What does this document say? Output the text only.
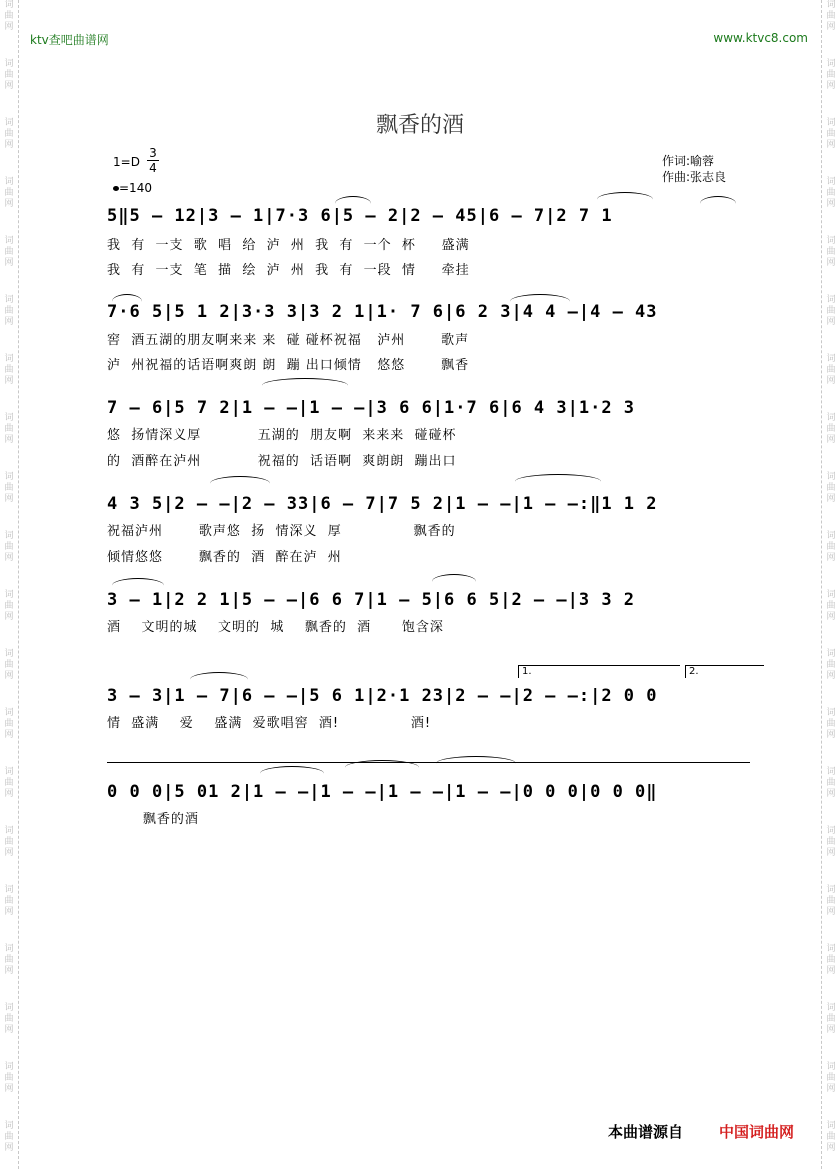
词
曲
网
词
曲
网
词
曲
网
词
曲
网
词
曲
网
词
曲
网
词
曲
网
词
曲
网
词
曲
网
词
曲
网
词
曲
网
词
曲
网
词
曲
网
词
曲
网
词
曲
网
词
曲
网
词
曲
网
词
曲
网
词
曲
网
词
曲
网
词
曲
网
词
曲
网
词
曲
网
词
曲
网
词
曲
网
词
曲
网
词
曲
网
词
曲
网
词
曲
网
词
曲
网
词
曲
网
词
曲
网
词
曲
网
词
曲
网
词
曲
网
词
曲
网
词
曲
网
词
曲
网
词
曲
网
词
曲
网
ktv查吧曲谱网	www.ktvc8.com
飘香的酒
1=D
3
4
=140
作词:喻蓉
作曲:张志良
5‖5 – 12|3 – 1|7·3 6|5 – 2|2 – 45|6 – 7|2 7 1
我  有  一支  歌  唱  给  泸  州  我  有  一个  杯     盛满
我  有  一支  笔  描  绘  泸  州  我  有  一段  情     牵挂
7·6 5|5 1 2|3·3 3|3 2 1|1· 7 6|6 2 3|4 4 –|4 – 43
窖  酒五湖的朋友啊来来 来  碰 碰杯祝福   泸州       歌声
泸  州祝福的话语啊爽朗 朗  蹦 出口倾情   悠悠       飘香
7 – 6|5 7 2|1 – –|1 – –|3 6 6|1·7 6|6 4 3|1·2 3
悠  扬情深义厚           五湖的  朋友啊  来来来  碰碰杯
的  酒醉在泸州           祝福的  话语啊  爽朗朗  蹦出口
4 3 5|2 – –|2 – 33|6 – 7|7 5 2|1 – –|1 – –:‖1 1 2
祝福泸州       歌声悠  扬  情深义  厚              飘香的
倾情悠悠       飘香的  酒  醉在泸  州
3 – 1|2 2 1|5 – –|6 6 7|1 – 5|6 6 5|2 – –|3 3 2
酒    文明的城    文明的  城    飘香的  酒      饱含深
1.	2.
3 – 3|1 – 7|6 – –|5 6 1|2·1 23|2 – –|2 – –:|2 0 0
情  盛满    爱    盛满  爱歌唱窖  酒!              酒!
0 0 0|5 01 2|1 – –|1 – –|1 – –|1 – –|0 0 0|0 0 0‖
飘香的酒
本曲谱源自 中国词曲网
